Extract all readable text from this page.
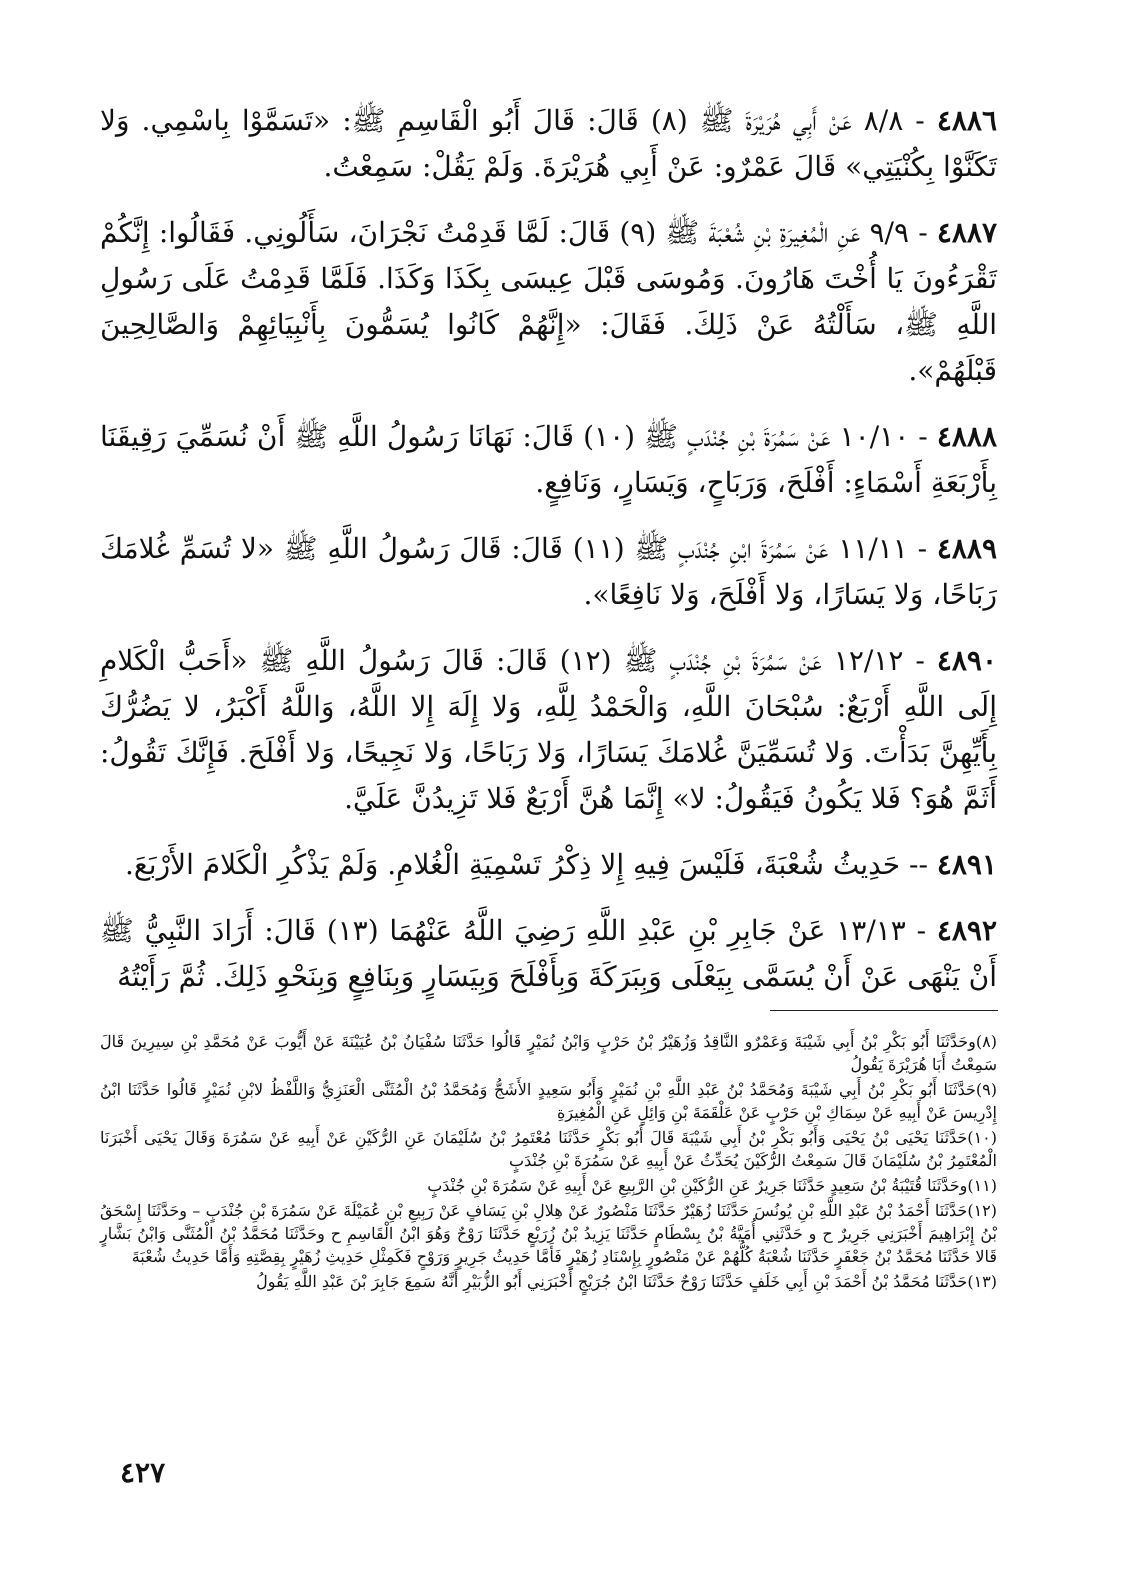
٤٨٨٦ - ٨/٨ عَنْ أَبِي هُرَيْرَةَ ﷺ (٨) قَالَ: قَالَ أَبُو الْقَاسِمِ ﷺ: «تَسَمَّوْا بِاسْمِي. وَلا تَكَنَّوْا بِكُنْيَتِي» قَالَ عَمْرٌو: عَنْ أَبِي هُرَيْرَةَ. وَلَمْ يَقُلْ: سَمِعْتُ.

٤٨٨٧ - ٩/٩ عَنِ الْمُغِيرَةِ بْنِ شُعْبَةَ ﷺ (٩) قَالَ: لَمَّا قَدِمْتُ نَجْرَانَ، سَأَلُونِي. فَقَالُوا: إِنَّكُمْ تَقْرَءُونَ يَا أُخْتَ هَارُونَ. وَمُوسَى قَبْلَ عِيسَى بِكَذَا وَكَذَا. فَلَمَّا قَدِمْتُ عَلَى رَسُولِ اللَّهِ ﷺ، سَأَلْتُهُ عَنْ ذَلِكَ. فَقَالَ: «إِنَّهُمْ كَانُوا يُسَمُّونَ بِأَنْبِيَائِهِمْ وَالصَّالِحِينَ قَبْلَهُمْ».

٤٨٨٨ - ١٠/١٠ عَنْ سَمُرَةَ بْنِ جُنْدَبٍ ﷺ (١٠) قَالَ: نَهَانَا رَسُولُ اللَّهِ ﷺ أَنْ نُسَمِّيَ رَقِيقَنَا بِأَرْبَعَةِ أَسْمَاءٍ: أَفْلَحَ، وَرَبَاحٍ، وَيَسَارٍ، وَنَافِعٍ.

٤٨٨٩ - ١١/١١ عَنْ سَمُرَةَ ابْنِ جُنْدَبٍ ﷺ (١١) قَالَ: قَالَ رَسُولُ اللَّهِ ﷺ «لا تُسَمِّ غُلامَكَ رَبَاحًا، وَلا يَسَارًا، وَلا أَفْلَحَ، وَلا نَافِعًا».

٤٨٩٠ - ١٢/١٢ عَنْ سَمُرَةَ بْنِ جُنْدَبٍ ﷺ (١٢) قَالَ: قَالَ رَسُولُ اللَّهِ ﷺ «أَحَبُّ الْكَلامِ إِلَى اللَّهِ أَرْبَعٌ: سُبْحَانَ اللَّهِ، وَالْحَمْدُ لِلَّهِ، وَلا إِلَهَ إِلا اللَّهُ، وَاللَّهُ أَكْبَرُ، لا يَضُرُّكَ بِأَيِّهِنَّ بَدَأْتَ. وَلا تُسَمِّيَنَّ غُلامَكَ يَسَارًا، وَلا رَبَاحًا، وَلا نَجِيحًا، وَلا أَفْلَحَ. فَإِنَّكَ تَقُولُ: أَثَمَّ هُوَ؟ فَلا يَكُونُ فَيَقُولُ: لا» إِنَّمَا هُنَّ أَرْبَعٌ فَلا تَزِيدُنَّ عَلَيَّ.

٤٨٩١ -- حَدِيثُ شُعْبَةَ، فَلَيْسَ فِيهِ إِلا ذِكْرُ تَسْمِيَةِ الْغُلامِ. وَلَمْ يَذْكُرِ الْكَلامَ الأَرْبَعَ.

٤٨٩٢ - ١٣/١٣ عَنْ جَابِرِ بْنِ عَبْدِ اللَّهِ رَضِيَ اللَّهُ عَنْهُمَا (١٣) قَالَ: أَرَادَ النَّبِيُّ ﷺ أَنْ يَنْهَى عَنْ أَنْ يُسَمَّى بِيَعْلَى وَبِبَرَكَةَ وَبِأَفْلَحَ وَبِيَسَارٍ وَبِنَافِعٍ وَبِنَحْوِ ذَلِكَ. ثُمَّ رَأَيْتُهُ

(٨)وحَدَّثَنَا أَبُو بَكْرِ بْنُ أَبِي شَيْبَةَ وَعَمْرٌو النَّاقِدُ وَزُهَيْرُ بْنُ حَرْبٍ وَابْنُ نُمَيْرٍ قَالُوا حَدَّثَنَا سُفْيَانُ بْنُ عُيَيْنَةَ عَنْ أَيُّوبَ عَنْ مُحَمَّدِ بْنِ سِيرِينَ قَالَ سَمِعْتُ أَبَا هُرَيْرَةَ يَقُولُ

(٩)حَدَّثَنَا أَبُو بَكْرِ بْنُ أَبِي شَيْبَةَ وَمُحَمَّدُ بْنُ عَبْدِ اللَّهِ بْنِ نُمَيْرٍ وَأَبُو سَعِيدٍ الأَشَجُّ وَمُحَمَّدُ بْنُ الْمُثَنَّى الْعَنَزِيُّ وَاللَّفْظُ لابْنِ نُمَيْرٍ قَالُوا حَدَّثَنَا ابْنُ إِدْرِيسَ عَنْ أَبِيهِ عَنْ سِمَاكِ بْنِ حَرْبٍ عَنْ عَلْقَمَةَ بْنِ وَائِلٍ عَنِ الْمُغِيرَةِ

(١٠)حَدَّثَنَا يَحْيَى بْنُ يَحْيَى وَأَبُو بَكْرِ بْنُ أَبِي شَيْبَةَ قَالَ أَبُو بَكْرٍ حَدَّثَنَا مُعْتَمِرُ بْنُ سُلَيْمَانَ عَنِ الرُّكَيْنِ عَنْ أَبِيهِ عَنْ سَمُرَةَ وَقَالَ يَحْيَى أَخْبَرَنَا الْمُعْتَمِرُ بْنُ سُلَيْمَانَ قَالَ سَمِعْتُ الرُّكَيْنَ يُحَدِّثُ عَنْ أَبِيهِ عَنْ سَمُرَةَ بْنِ جُنْدَبٍ

(١١)وحَدَّثَنَا قُتَيْبَةُ بْنُ سَعِيدٍ حَدَّثَنَا جَرِيرٌ عَنِ الرُّكَيْنِ بْنِ الرَّبِيعِ عَنْ أَبِيهِ عَنْ سَمُرَةَ بْنِ جُنْدَبٍ

(١٢)حَدَّثَنَا أَحْمَدُ بْنُ عَبْدِ اللَّهِ بْنِ يُونُسَ حَدَّثَنَا زُهَيْرٌ حَدَّثَنَا مَنْصُورٌ عَنْ هِلالِ بْنِ يَسَافٍ عَنْ رَبِيعِ بْنِ عُمَيْلَةَ عَنْ سَمُرَةَ بْنِ جُنْدَبٍ – وحَدَّثَنَا إِسْحَقُ بْنُ إِبْرَاهِيمَ أَخْبَرَنِي جَرِيرٌ ح و حَدَّثَنِي أُمَيَّةُ بْنُ بِسْطَامٍ حَدَّثَنَا يَزِيدُ بْنُ زُرَيْعٍ حَدَّثَنَا رَوْحٌ وَهُوَ ابْنُ الْقَاسِمِ ح وحَدَّثَنَا مُحَمَّدُ بْنُ الْمُثَنَّى وَابْنُ بَشَّارٍ قَالا حَدَّثَنَا مُحَمَّدُ بْنُ جَعْفَرٍ حَدَّثَنَا شُعْبَةُ كُلُّهُمْ عَنْ مَنْصُورٍ بِإِسْنَادِ زُهَيْرٍ فَأَمَّا حَدِيثُ جَرِيرٍ وَرَوْحٍ فَكَمِثْلِ حَدِيثِ زُهَيْرٍ بِقِصَّتِهِ وَأَمَّا حَدِيثُ شُعْبَةَ

(١٣)حَدَّثَنَا مُحَمَّدُ بْنُ أَحْمَدَ بْنِ أَبِي خَلَفٍ حَدَّثَنَا رَوْحٌ حَدَّثَنَا ابْنُ جُرَيْجٍ أَخْبَرَنِي أَبُو الزُّبَيْرِ أَنَّهُ سَمِعَ جَابِرَ بْنَ عَبْدِ اللَّهِ يَقُولُ

٤٢٧
